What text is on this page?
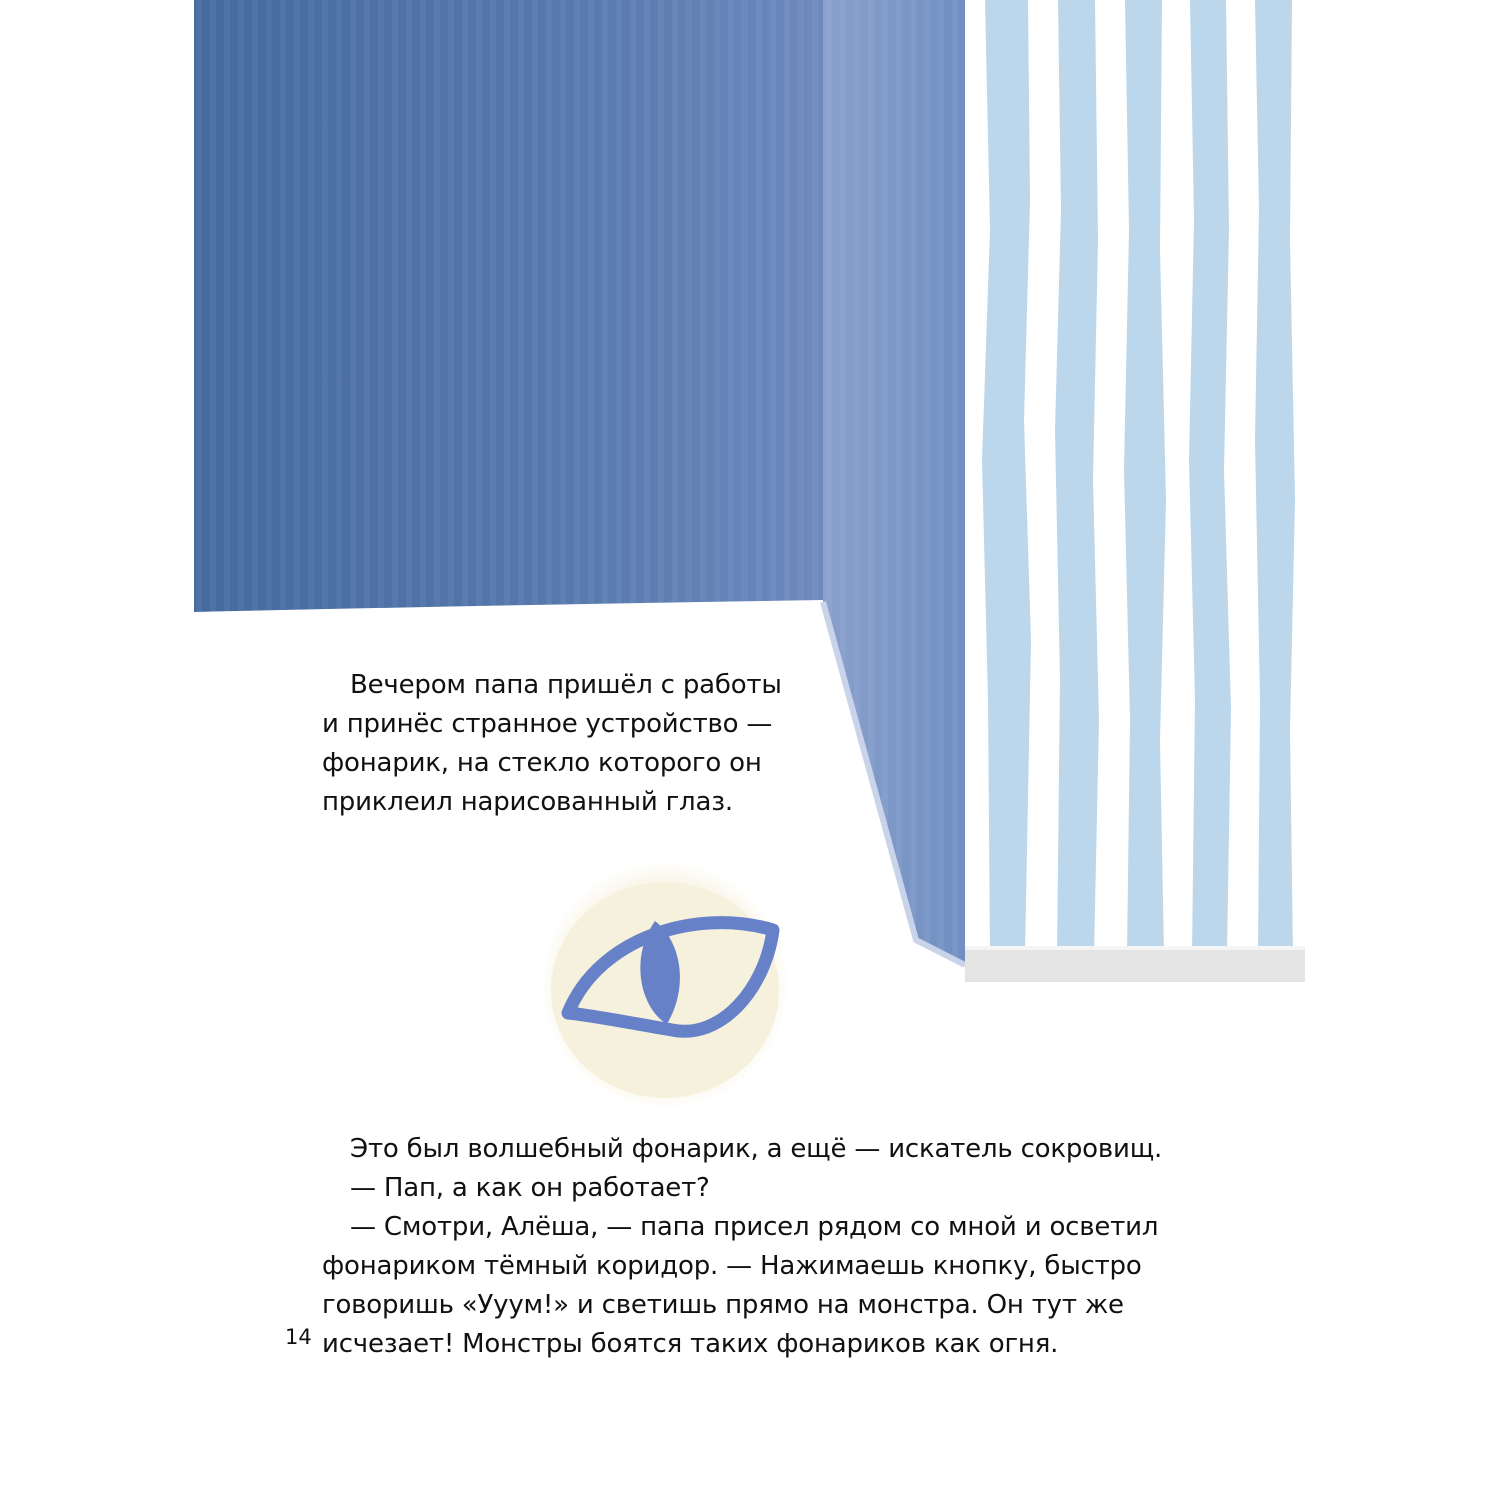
Вечером папа пришёл с работы

и принёс странное устройство —

фонарик, на стекло которого он

приклеил нарисованный глаз.

Это был волшебный фонарик, а ещё — искатель сокровищ.

— Пап, а как он работает?

— Смотри, Алёша, — папа присел рядом со мной и осветил

фонариком тёмный коридор. — Нажимаешь кнопку, быстро

говоришь «Ууум!» и светишь прямо на монстра. Он тут же

исчезает! Монстры боятся таких фонариков как огня.

14
